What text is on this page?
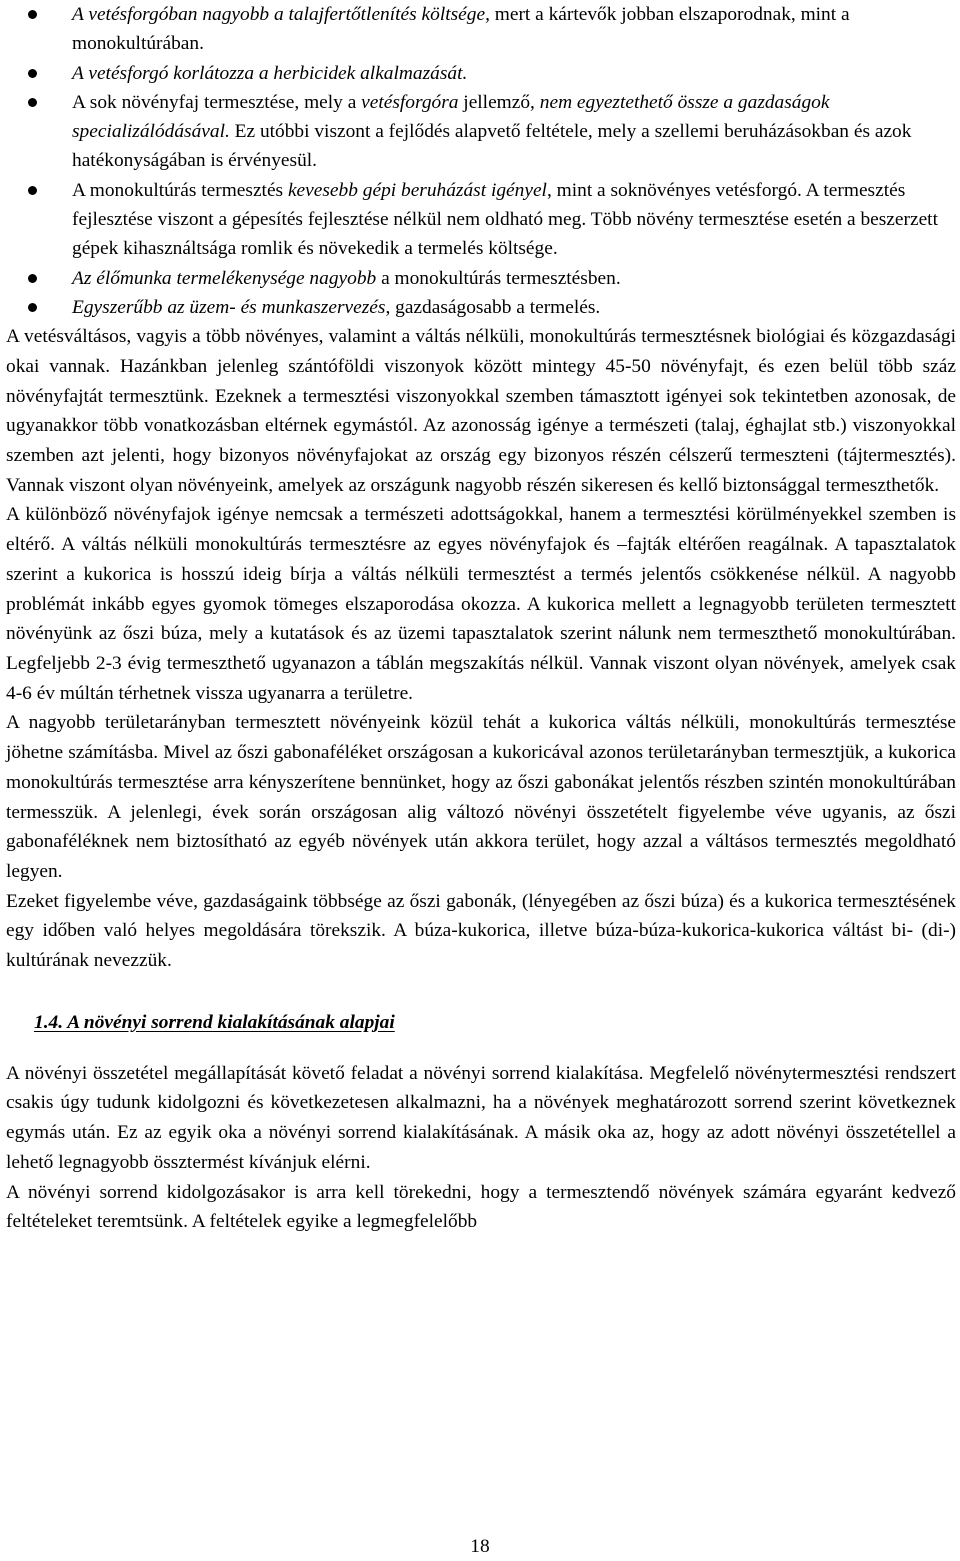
A vetésforgóban nagyobb a talajfertőtlenítés költsége, mert a kártevők jobban elszaporodnak, mint a monokultúrában.
A vetésforgó korlátozza a herbicidek alkalmazását.
A sok növényfaj termesztése, mely a vetésforgóra jellemző, nem egyeztethető össze a gazdaságok specializálódásával. Ez utóbbi viszont a fejlődés alapvető feltétele, mely a szellemi beruházásokban és azok hatékonyságában is érvényesül.
A monokultúrás termesztés kevesebb gépi beruházást igényel, mint a soknövényes vetésforgó. A termesztés fejlesztése viszont a gépesítés fejlesztése nélkül nem oldható meg. Több növény termesztése esetén a beszerzett gépek kihasználtsága romlik és növekedik a termelés költsége.
Az élőmunka termelékenysége nagyobb a monokultúrás termesztésben.
Egyszerűbb az üzem- és munkaszervezés, gazdaságosabb a termelés.

A vetésváltásos, vagyis a több növényes, valamint a váltás nélküli, monokultúrás termesztésnek biológiai és közgazdasági okai vannak. Hazánkban jelenleg szántóföldi viszonyok között mintegy 45-50 növényfajt, és ezen belül több száz növényfajtát termesztünk. Ezeknek a termesztési viszonyokkal szemben támasztott igényei sok tekintetben azonosak, de ugyanakkor több vonatkozásban eltérnek egymástól. Az azonosság igénye a természeti (talaj, éghajlat stb.) viszonyokkal szemben azt jelenti, hogy bizonyos növényfajokat az ország egy bizonyos részén célszerű termeszteni (tájtermesztés). Vannak viszont olyan növényeink, amelyek az országunk nagyobb részén sikeresen és kellő biztonsággal termeszthetők.

A különböző növényfajok igénye nemcsak a természeti adottságokkal, hanem a termesztési körülményekkel szemben is eltérő. A váltás nélküli monokultúrás termesztésre az egyes növényfajok és –fajták eltérően reagálnak. A tapasztalatok szerint a kukorica is hosszú ideig bírja a váltás nélküli termesztést a termés jelentős csökkenése nélkül. A nagyobb problémát inkább egyes gyomok tömeges elszaporodása okozza. A kukorica mellett a legnagyobb területen termesztett növényünk az őszi búza, mely a kutatások és az üzemi tapasztalatok szerint nálunk nem termeszthető monokultúrában. Legfeljebb 2-3 évig termeszthető ugyanazon a táblán megszakítás nélkül. Vannak viszont olyan növények, amelyek csak 4-6 év múltán térhetnek vissza ugyanarra a területre.

A nagyobb területarányban termesztett növényeink közül tehát a kukorica váltás nélküli, monokultúrás termesztése jöhetne számításba. Mivel az őszi gabonaféléket országosan a kukoricával azonos területarányban termesztjük, a kukorica monokultúrás termesztése arra kényszerítene bennünket, hogy az őszi gabonákat jelentős részben szintén monokultúrában termesszük. A jelenlegi, évek során országosan alig változó növényi összetételt figyelembe véve ugyanis, az őszi gabonaféléknek nem biztosítható az egyéb növények után akkora terület, hogy azzal a váltásos termesztés megoldható legyen.

Ezeket figyelembe véve, gazdaságaink többsége az őszi gabonák, (lényegében az őszi búza) és a kukorica termesztésének egy időben való helyes megoldására törekszik. A búza-kukorica, illetve búza-búza-kukorica-kukorica váltást bi- (di-) kultúrának nevezzük.

1.4. A növényi sorrend kialakításának alapjai

A növényi összetétel megállapítását követő feladat a növényi sorrend kialakítása. Megfelelő növénytermesztési rendszert csakis úgy tudunk kidolgozni és következetesen alkalmazni, ha a növények meghatározott sorrend szerint következnek egymás után. Ez az egyik oka a növényi sorrend kialakításának. A másik oka az, hogy az adott növényi összetétellel a lehető legnagyobb össztermést kívánjuk elérni.

A növényi sorrend kidolgozásakor is arra kell törekedni, hogy a termesztendő növények számára egyaránt kedvező feltételeket teremtsünk. A feltételek egyike a legmegfelelőbb

18
